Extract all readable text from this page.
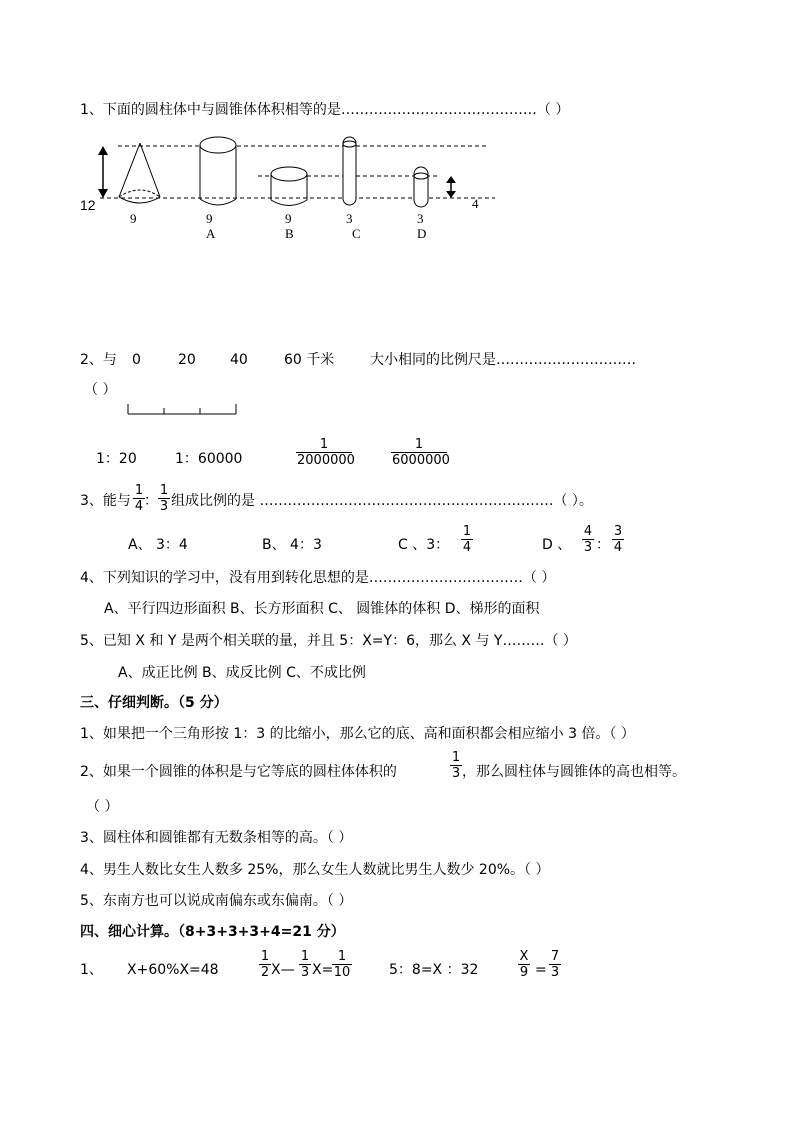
1、下面的圆柱体中与圆锥体体积相等的是……………………………………（ ）
12	4
9	9	9	3	3
A	B	C	D
2、与 0	20 40	60 千米	大小相同的比例尺是…………………………
（ ）
1：20	1：60000	$\frac{1}{2000000}$	$\frac{1}{6000000}$
3、能与 $\frac{1}{4}$ ： $\frac{1}{3}$ 组成比例的是 ………………………………………………………（ ）。
A、 3：4	B、 4：3	C 、3： $\frac{1}{4}$	D 、 $\frac{4}{3}$ ： $\frac{3}{4}$
4、下列知识的学习中，没有用到转化思想的是……………………………（ ）
A、平行四边形面积 B、长方形面积 C、 圆锥体的体积 D、梯形的面积
5、已知 X 和 Y 是两个相关联的量，并且 5：X=Y：6，那么 X 与 Y………（ ）
A、成正比例 B、成反比例 C、不成比例
三、仔细判断。（5 分）
1、如果把一个三角形按 1：3 的比缩小，那么它的底、高和面积都会相应缩小 3 倍。（ ）
2、如果一个圆锥的体积是与它等底的圆柱体体积的	$\frac{1}{3}$ ，那么圆柱体与圆锥体的高也相等。
（ ）
3、圆柱体和圆锥都有无数条相等的高。（ ）
4、男生人数比女生人数多 25%，那么女生人数就比男生人数少 20%。（ ）
5、东南方也可以说成南偏东或东偏南。（ ）
四、细心计算。（8+3+3+3+4=21 分）
1、 X+60%X=48	$\frac{1}{2}$ X— $\frac{1}{3} X=$
$\frac{1}{10}$	5：8=X ：32	$\frac{X}{9} = \frac{7}{3}$
